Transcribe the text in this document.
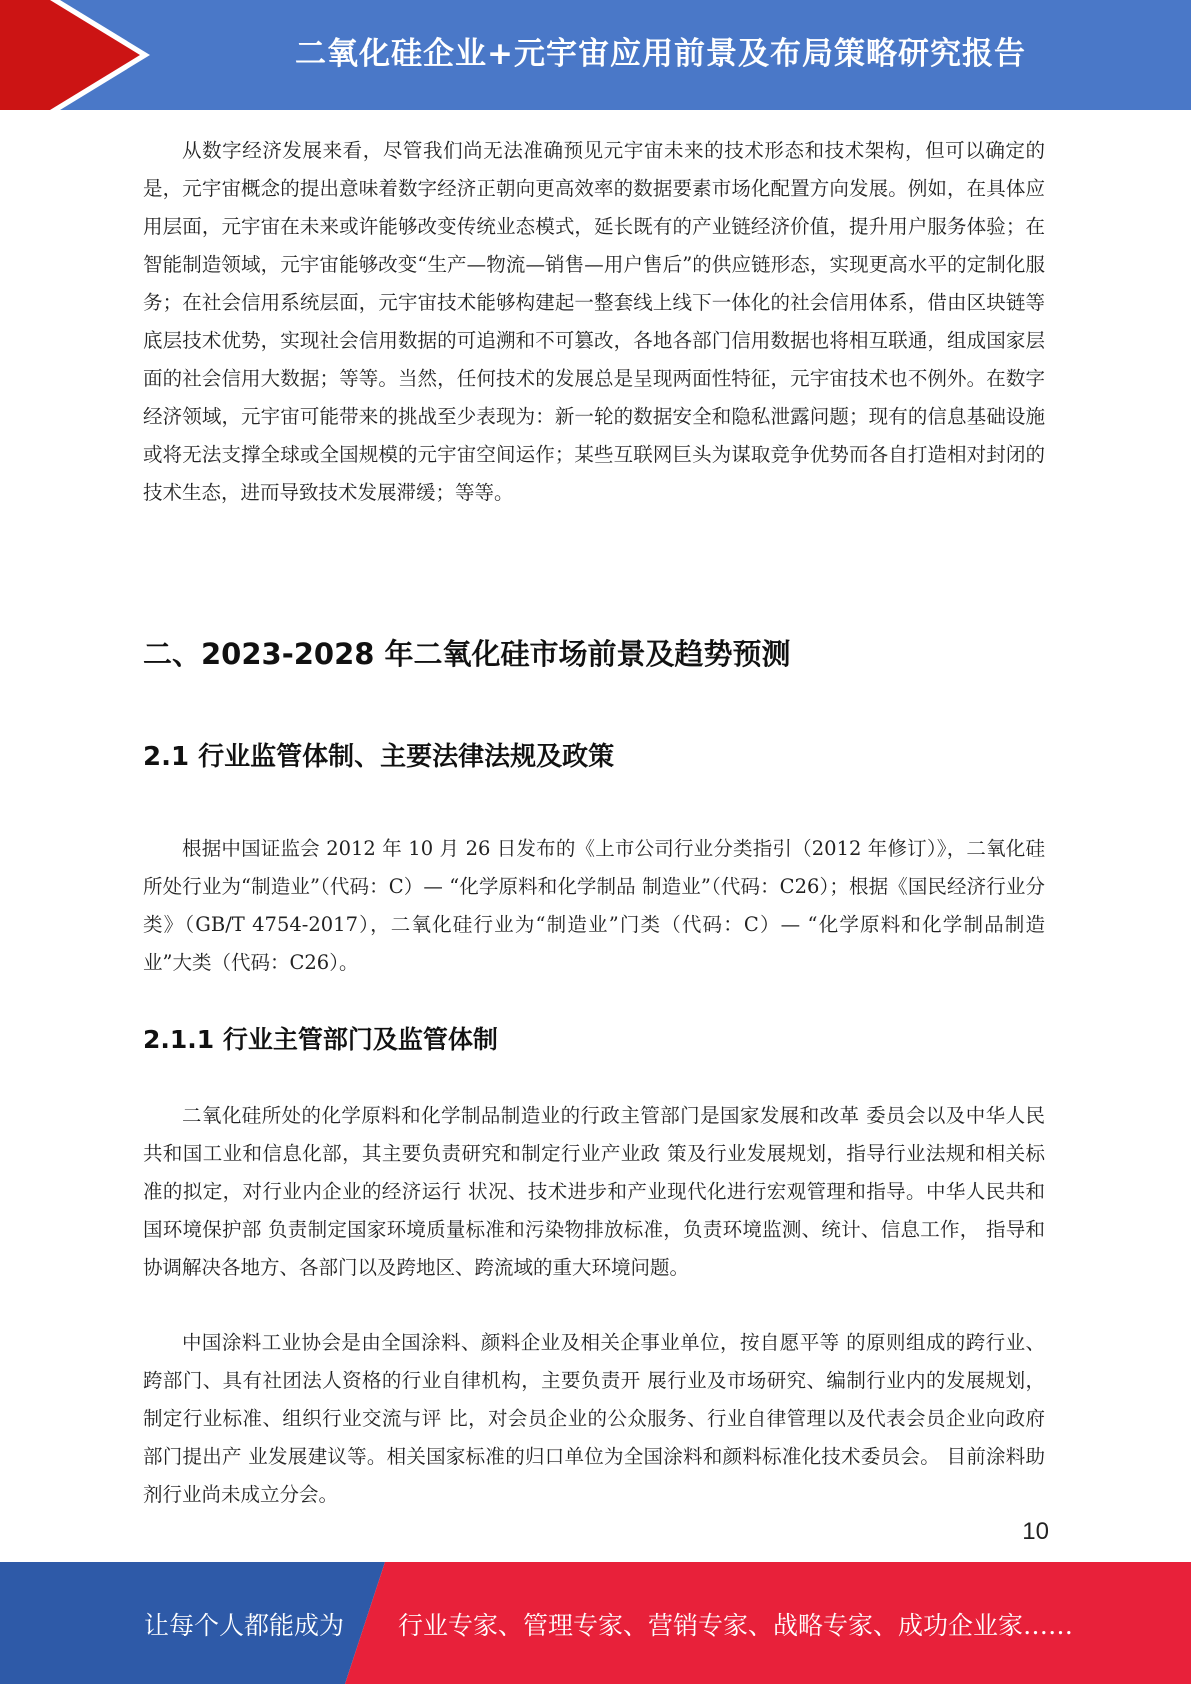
二氧化硅企业+元宇宙应用前景及布局策略研究报告

从数字经济发展来看，尽管我们尚无法准确预见元宇宙未来的技术形态和技术架构，但可以确定的是，元宇宙概念的提出意味着数字经济正朝向更高效率的数据要素市场化配置方向发展。例如，在具体应用层面，元宇宙在未来或许能够改变传统业态模式，延长既有的产业链经济价值，提升用户服务体验；在智能制造领域，元宇宙能够改变“生产—物流—销售—用户售后”的供应链形态，实现更高水平的定制化服务；在社会信用系统层面，元宇宙技术能够构建起一整套线上线下一体化的社会信用体系，借由区块链等底层技术优势，实现社会信用数据的可追溯和不可篡改，各地各部门信用数据也将相互联通，组成国家层面的社会信用大数据；等等。当然，任何技术的发展总是呈现两面性特征，元宇宙技术也不例外。在数字经济领域，元宇宙可能带来的挑战至少表现为：新一轮的数据安全和隐私泄露问题；现有的信息基础设施或将无法支撑全球或全国规模的元宇宙空间运作；某些互联网巨头为谋取竞争优势而各自打造相对封闭的技术生态，进而导致技术发展滞缓；等等。

二、2023-2028 年二氧化硅市场前景及趋势预测
2.1 行业监管体制、主要法律法规及政策

根据中国证监会 2012 年 10 月 26 日发布的《上市公司行业分类指引（2012 年修订）》，二氧化硅所处行业为“制造业”（代码：C）— “化学原料和化学制品 制造业”（代码：C26）；根据《国民经济行业分类》（GB/T 4754-2017），二氧化硅行业为“制造业”门类（代码：C）— “化学原料和化学制品制造业”大类（代码：C26）。

2.1.1 行业主管部门及监管体制

二氧化硅所处的化学原料和化学制品制造业的行政主管部门是国家发展和改革 委员会以及中华人民共和国工业和信息化部，其主要负责研究和制定行业产业政 策及行业发展规划，指导行业法规和相关标准的拟定，对行业内企业的经济运行 状况、技术进步和产业现代化进行宏观管理和指导。中华人民共和国环境保护部 负责制定国家环境质量标准和污染物排放标准，负责环境监测、统计、信息工作， 指导和协调解决各地方、各部门以及跨地区、跨流域的重大环境问题。

中国涂料工业协会是由全国涂料、颜料企业及相关企事业单位，按自愿平等 的原则组成的跨行业、跨部门、具有社团法人资格的行业自律机构，主要负责开 展行业及市场研究、编制行业内的发展规划，制定行业标准、组织行业交流与评 比，对会员企业的公众服务、行业自律管理以及代表会员企业向政府部门提出产 业发展建议等。相关国家标准的归口单位为全国涂料和颜料标准化技术委员会。 目前涂料助剂行业尚未成立分会。

10
让每个人都能成为 行业专家、管理专家、营销专家、战略专家、成功企业家……
